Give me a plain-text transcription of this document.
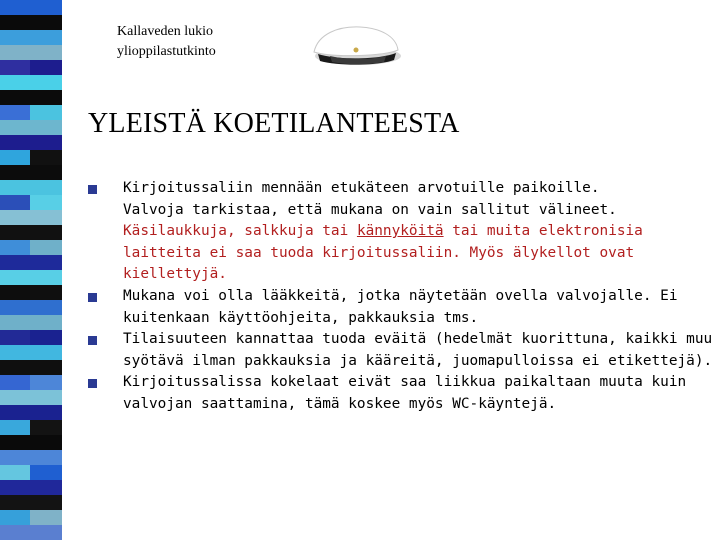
Kallaveden lukio
ylioppilastutkinto
YLEISTÄ KOETILANTEESTA
Kirjoitussaliin mennään etukäteen arvotuille paikoille.
Valvoja tarkistaa, että mukana on vain sallitut välineet. Käsilaukkuja, salkkuja tai kännyköitä tai muita elektronisia laitteita ei saa tuoda kirjoitussaliin. Myös älykellot ovat kiellettyjä.
Mukana voi olla lääkkeitä, jotka näytetään ovella valvojalle. Ei kuitenkaan käyttöohjeita, pakkauksia tms.
Tilaisuuteen kannattaa tuoda eväitä (hedelmät kuorittuna, kaikki muu syötävä ilman pakkauksia ja kääreitä, juomapulloissa ei etikettejä).
Kirjoitussalissa kokelaat eivät saa liikkua paikaltaan muuta kuin valvojan saattamina, tämä koskee myös WC-käyntejä.
